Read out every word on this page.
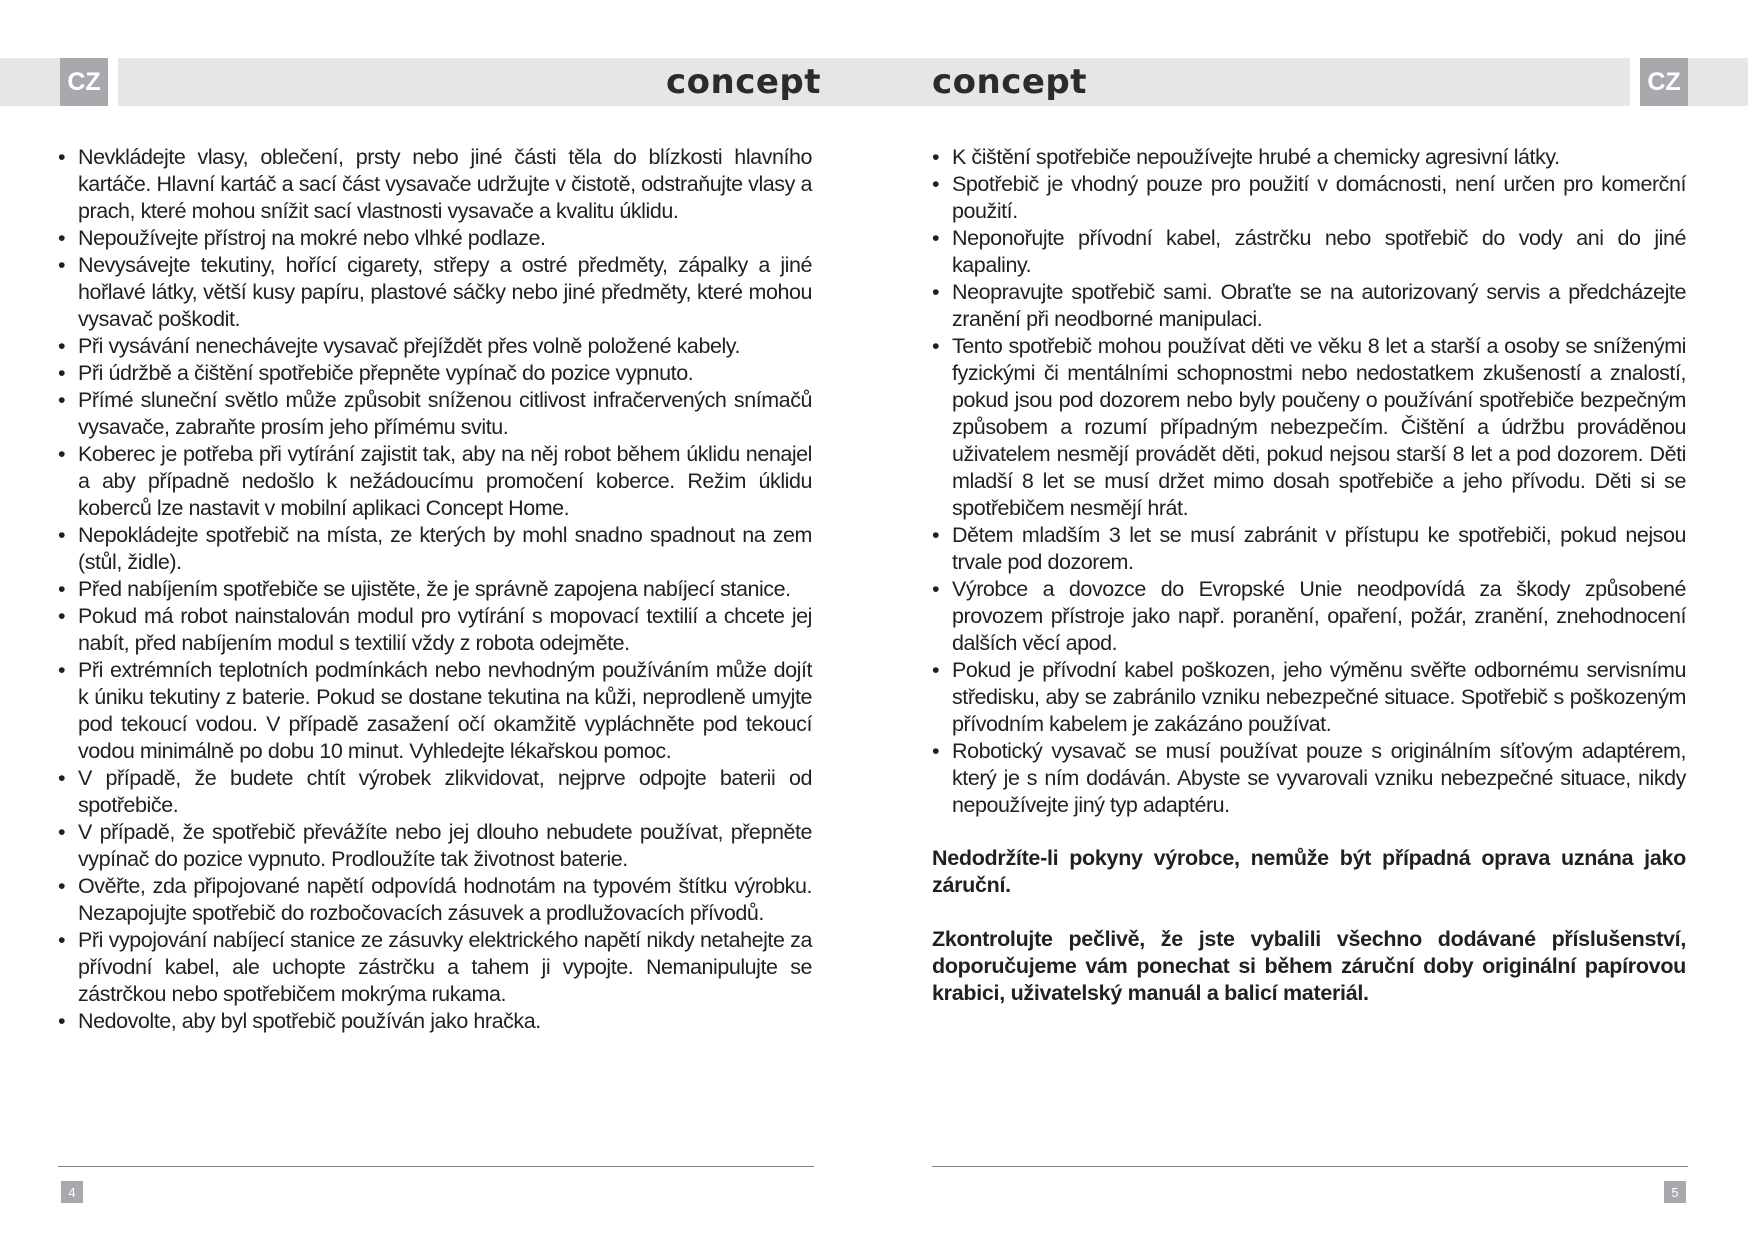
CZ	CZ
concept	concept
• Nevkládejte vlasy, oblečení, prsty nebo jiné části těla do blízkosti hlavního kartáče. Hlavní kartáč a sací část vysavače udržujte v čistotě, odstraňujte vlasy a prach, které mohou snížit sací vlastnosti vysavače a kvalitu úklidu.
• Nepoužívejte přístroj na mokré nebo vlhké podlaze.
• Nevysávejte tekutiny, hořící cigarety, střepy a ostré předměty, zápalky a jiné hořlavé látky, větší kusy papíru, plastové sáčky nebo jiné předměty, které mohou vysavač poškodit.
• Při vysávání nenechávejte vysavač přejíždět přes volně položené kabely.
• Při údržbě a čištění spotřebiče přepněte vypínač do pozice vypnuto.
• Přímé sluneční světlo může způsobit sníženou citlivost infračervených snímačů vysavače, zabraňte prosím jeho přímému svitu.
• Koberec je potřeba při vytírání zajistit tak, aby na něj robot během úklidu nenajel a aby případně nedošlo k nežádoucímu promočení koberce. Režim úklidu koberců lze nastavit v mobilní aplikaci Concept Home.
• Nepokládejte spotřebič na místa, ze kterých by mohl snadno spadnout na zem (stůl, židle).
• Před nabíjením spotřebiče se ujistěte, že je správně zapojena nabíjecí stanice.
• Pokud má robot nainstalován modul pro vytírání s mopovací textilií a chcete jej nabít, před nabíjením modul s textilií vždy z robota odejměte.
• Při extrémních teplotních podmínkách nebo nevhodným používáním může dojít k úniku tekutiny z baterie. Pokud se dostane tekutina na kůži, neprodleně umyjte pod tekoucí vodou. V případě zasažení očí okamžitě vypláchněte pod tekoucí vodou minimálně po dobu 10 minut. Vyhledejte lékařskou pomoc.
• V případě, že budete chtít výrobek zlikvidovat, nejprve odpojte baterii od spotřebiče.
• V případě, že spotřebič převážíte nebo jej dlouho nebudete používat, přepněte vypínač do pozice vypnuto. Prodloužíte tak životnost baterie.
• Ověřte, zda připojované napětí odpovídá hodnotám na typovém štítku výrobku. Nezapojujte spotřebič do rozbočovacích zásuvek a prodlužovacích přívodů.
• Při vypojování nabíjecí stanice ze zásuvky elektrického napětí nikdy netahejte za přívodní kabel, ale uchopte zástrčku a tahem ji vypojte. Nemanipulujte se zástrčkou nebo spotřebičem mokrýma rukama.
• Nedovolte, aby byl spotřebič používán jako hračka.
• K čištění spotřebiče nepoužívejte hrubé a chemicky agresivní látky.
• Spotřebič je vhodný pouze pro použití v domácnosti, není určen pro komerční použití.
• Neponořujte přívodní kabel, zástrčku nebo spotřebič do vody ani do jiné kapaliny.
• Neopravujte spotřebič sami. Obraťte se na autorizovaný servis a předcházejte zranění při neodborné manipulaci.
• Tento spotřebič mohou používat děti ve věku 8 let a starší a osoby se sníženými fyzickými či mentálními schopnostmi nebo nedostatkem zkušeností a znalostí, pokud jsou pod dozorem nebo byly poučeny o používání spotřebiče bezpečným způsobem a rozumí případným nebezpečím. Čištění a údržbu prováděnou uživatelem nesmějí provádět děti, pokud nejsou starší 8 let a pod dozorem. Děti mladší 8 let se musí držet mimo dosah spotřebiče a jeho přívodu. Děti si se spotřebičem nesmějí hrát.
• Dětem mladším 3 let se musí zabránit v přístupu ke spotřebiči, pokud nejsou trvale pod dozorem.
• Výrobce a dovozce do Evropské Unie neodpovídá za škody způsobené provozem přístroje jako např. poranění, opaření, požár, zranění, znehodnocení dalších věcí apod.
• Pokud je přívodní kabel poškozen, jeho výměnu svěřte odbornému servisnímu středisku, aby se zabránilo vzniku nebezpečné situace. Spotřebič s poškozeným přívodním kabelem je zakázáno používat.
• Robotický vysavač se musí používat pouze s originálním síťovým adaptérem, který je s ním dodáván. Abyste se vyvarovali vzniku nebezpečné situace, nikdy nepoužívejte jiný typ adaptéru.

Nedodržíte-li pokyny výrobce, nemůže být případná oprava uznána jako záruční.

Zkontrolujte pečlivě, že jste vybalili všechno dodávané příslušenství, doporučujeme vám ponechat si během záruční doby originální papírovou krabici, uživatelský manuál a balicí materiál.

4	5
